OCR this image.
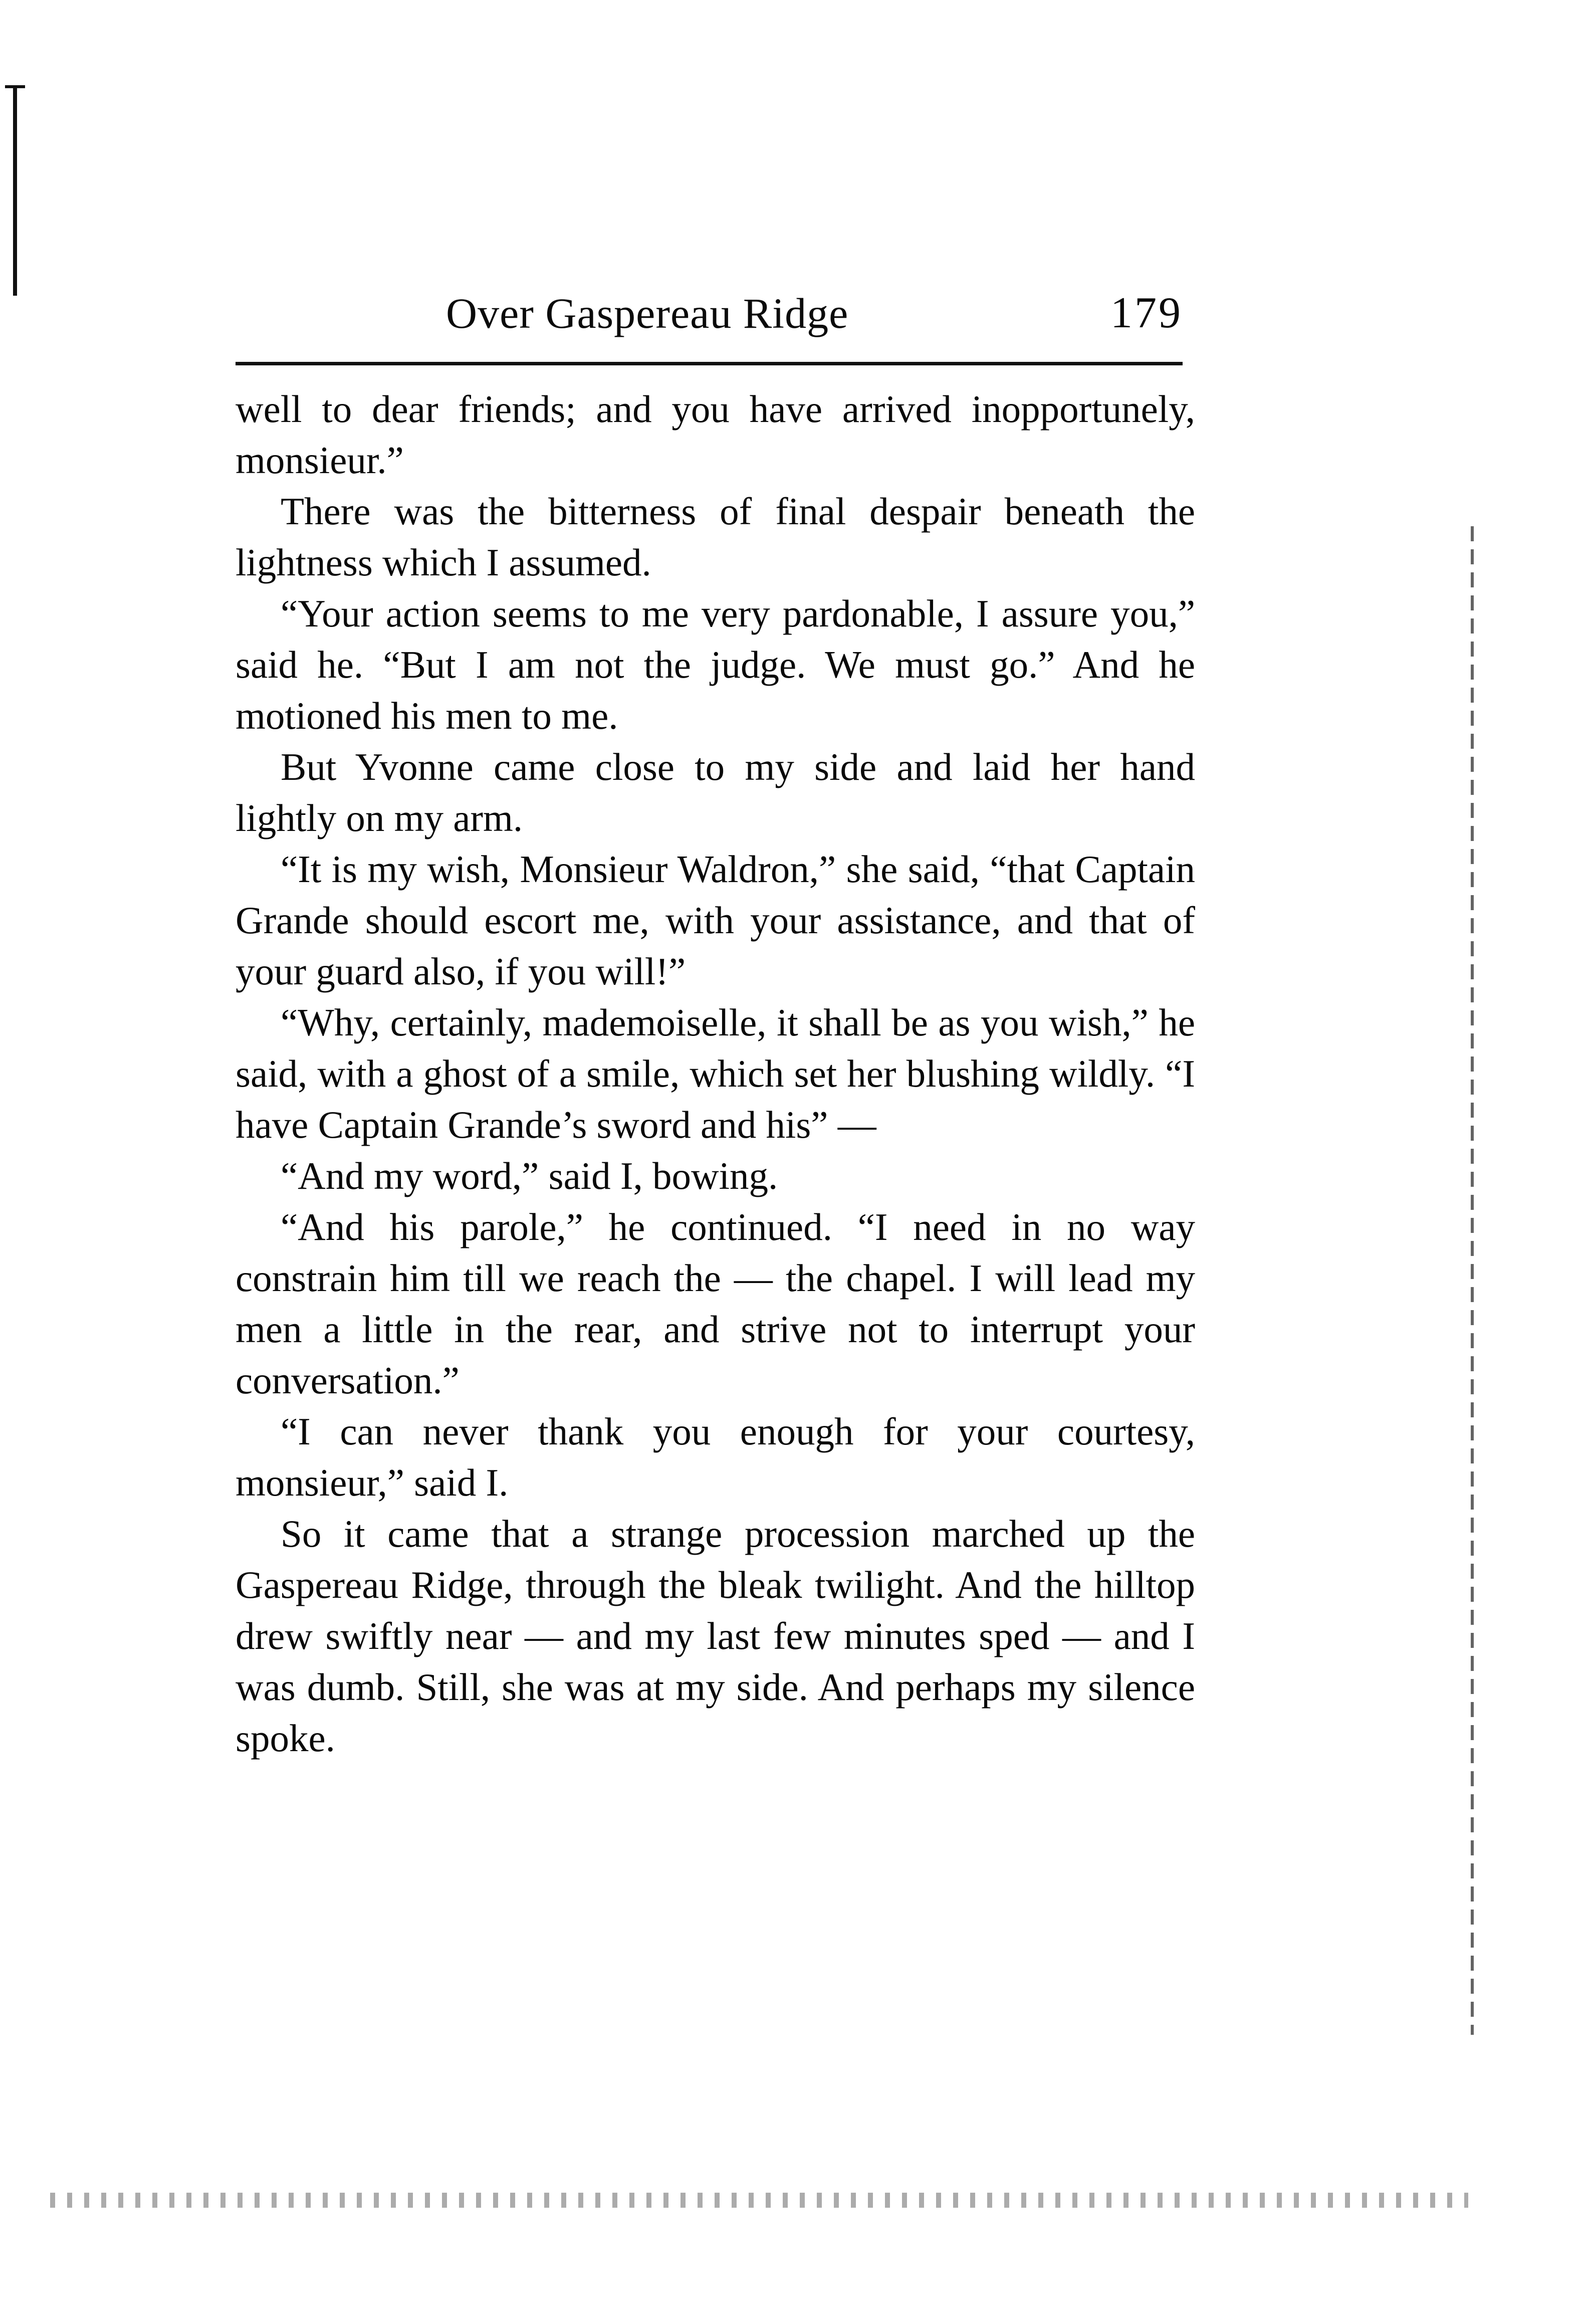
Over Gaspereau Ridge	179

well to dear friends; and you have arrived inopportunely, monsieur.”

There was the bitterness of final despair beneath the lightness which I assumed.

“Your action seems to me very pardonable, I assure you,” said he. “But I am not the judge. We must go.” And he motioned his men to me.

But Yvonne came close to my side and laid her hand lightly on my arm.

“It is my wish, Monsieur Waldron,” she said, “that Captain Grande should escort me, with your assistance, and that of your guard also, if you will!”

“Why, certainly, mademoiselle, it shall be as you wish,” he said, with a ghost of a smile, which set her blushing wildly. “I have Captain Grande’s sword and his” —

“And my word,” said I, bowing.

“And his parole,” he continued. “I need in no way constrain him till we reach the — the chapel. I will lead my men a little in the rear, and strive not to interrupt your conversation.”

“I can never thank you enough for your courtesy, monsieur,” said I.

So it came that a strange procession marched up the Gaspereau Ridge, through the bleak twilight. And the hilltop drew swiftly near — and my last few minutes sped — and I was dumb. Still, she was at my side. And perhaps my silence spoke.
